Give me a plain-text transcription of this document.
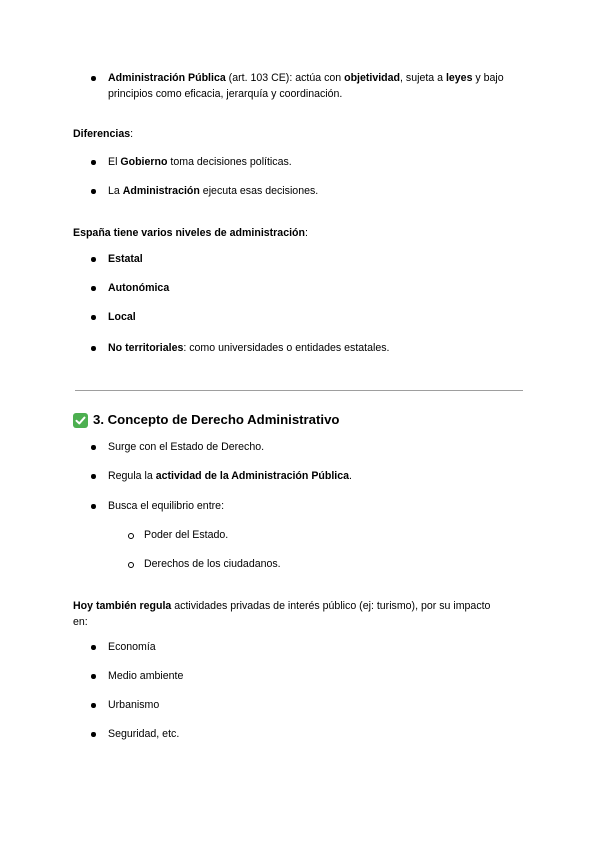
Administración Pública (art. 103 CE): actúa con objetividad, sujeta a leyes y bajo
principios como eficacia, jerarquía y coordinación.
Diferencias:
El Gobierno toma decisiones políticas.
La Administración ejecuta esas decisiones.
España tiene varios niveles de administración:
Estatal
Autonómica
Local
No territoriales: como universidades o entidades estatales.
3. Concepto de Derecho Administrativo
Surge con el Estado de Derecho.
Regula la actividad de la Administración Pública.
Busca el equilibrio entre:
Poder del Estado.
Derechos de los ciudadanos.
Hoy también regula actividades privadas de interés público (ej: turismo), por su impacto
en:
Economía
Medio ambiente
Urbanismo
Seguridad, etc.
